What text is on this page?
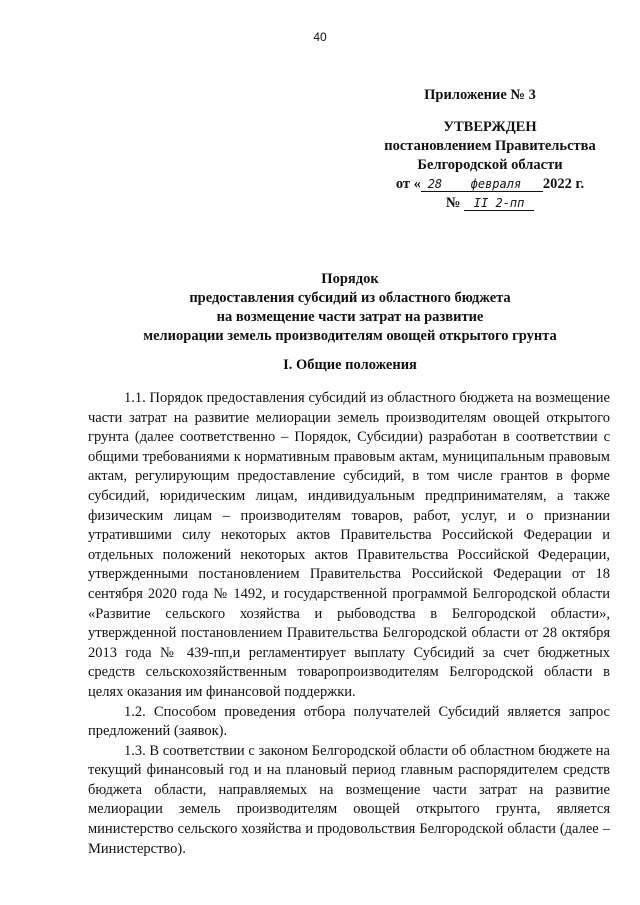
40
Приложение № 3
УТВЕРЖДЕН
постановлением Правительства
Белгородской области
от « 28 февраля 2022 г.
№ II 2-пп
Порядок
предоставления субсидий из областного бюджета
на возмещение части затрат на развитие
мелиорации земель производителям овощей открытого грунта
I. Общие положения

1.1. Порядок предоставления субсидий из областного бюджета на возмещение части затрат на развитие мелиорации земель производителям овощей открытого грунта (далее соответственно – Порядок, Субсидии) разработан в соответствии с общими требованиями к нормативным правовым актам, муниципальным правовым актам, регулирующим предоставление субсидий, в том числе грантов в форме субсидий, юридическим лицам, индивидуальным предпринимателям, а также физическим лицам – производителям товаров, работ, услуг, и о признании утратившими силу некоторых актов Правительства Российской Федерации и отдельных положений некоторых актов Правительства Российской Федерации, утвержденными постановлением Правительства Российской Федерации от 18 сентября 2020 года № 1492, и государственной программой Белгородской области «Развитие сельского хозяйства и рыбоводства в Белгородской области», утвержденной постановлением Правительства Белгородской области от 28 октября 2013 года № 439-пп,и регламентирует выплату Субсидий за счет бюджетных средств сельскохозяйственным товаропроизводителям Белгородской области в целях оказания им финансовой поддержки.

1.2. Способом проведения отбора получателей Субсидий является запрос предложений (заявок).

1.3. В соответствии с законом Белгородской области об областном бюджете на текущий финансовый год и на плановый период главным распорядителем средств бюджета области, направляемых на возмещение части затрат на развитие мелиорации земель производителям овощей открытого грунта, является министерство сельского хозяйства и продовольствия Белгородской области (далее – Министерство).
